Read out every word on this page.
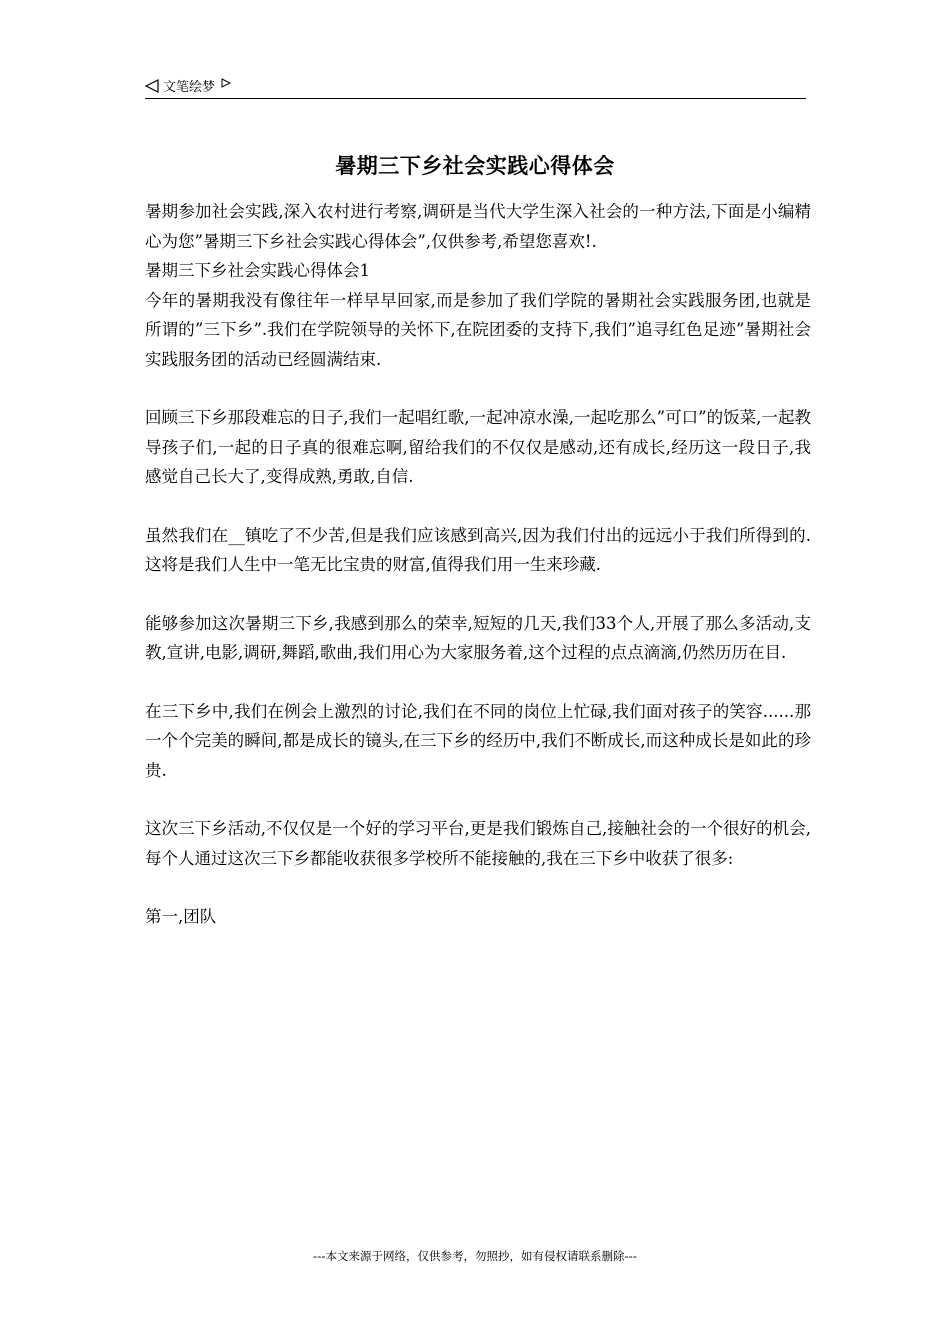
文笔绘梦
暑期三下乡社会实践心得体会

暑期参加社会实践,深入农村进行考察,调研是当代大学生深入社会的一种方法,下面是小编精心为您”暑期三下乡社会实践心得体会”,仅供参考,希望您喜欢!.

暑期三下乡社会实践心得体会1

今年的暑期我没有像往年一样早早回家,而是参加了我们学院的暑期社会实践服务团,也就是所谓的”三下乡”.我们在学院领导的关怀下,在院团委的支持下,我们”追寻红色足迹”暑期社会实践服务团的活动已经圆满结束.

回顾三下乡那段难忘的日子,我们一起唱红歌,一起冲凉水澡,一起吃那么”可口”的饭菜,一起教导孩子们,一起的日子真的很难忘啊,留给我们的不仅仅是感动,还有成长,经历这一段日子,我感觉自己长大了,变得成熟,勇敢,自信.

虽然我们在__镇吃了不少苦,但是我们应该感到高兴,因为我们付出的远远小于我们所得到的.这将是我们人生中一笔无比宝贵的财富,值得我们用一生来珍藏.

能够参加这次暑期三下乡,我感到那么的荣幸,短短的几天,我们33个人,开展了那么多活动,支教,宣讲,电影,调研,舞蹈,歌曲,我们用心为大家服务着,这个过程的点点滴滴,仍然历历在目.

在三下乡中,我们在例会上激烈的讨论,我们在不同的岗位上忙碌,我们面对孩子的笑容......那一个个完美的瞬间,都是成长的镜头,在三下乡的经历中,我们不断成长,而这种成长是如此的珍贵.

这次三下乡活动,不仅仅是一个好的学习平台,更是我们锻炼自己,接触社会的一个很好的机会,每个人通过这次三下乡都能收获很多学校所不能接触的,我在三下乡中收获了很多:

第一,团队

---本文来源于网络，仅供参考，勿照抄，如有侵权请联系删除---
